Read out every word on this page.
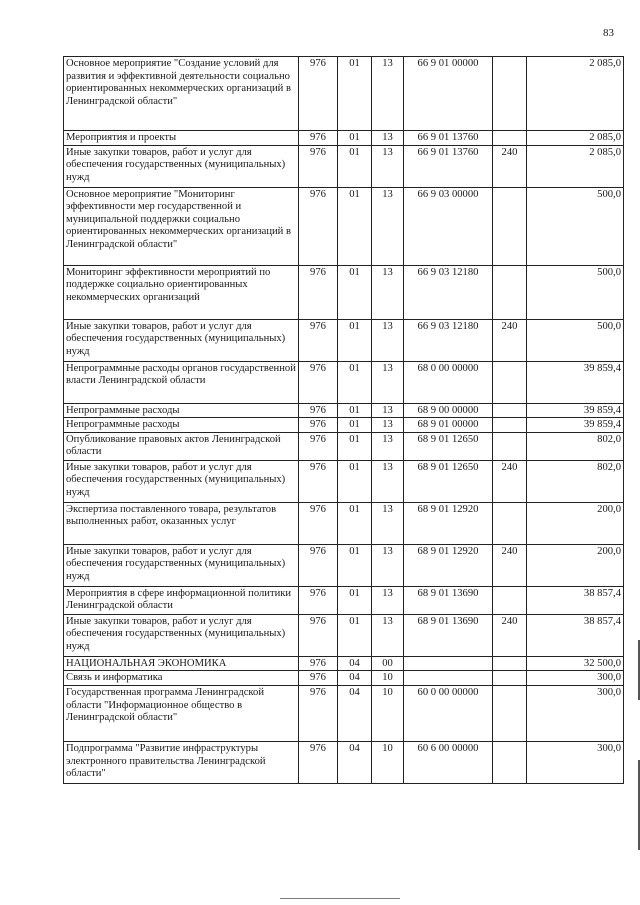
83
Основное мероприятие "Создание условий для развития и эффективной деятельности социально ориентированных некоммерческих организаций в Ленинградской области"	976	01	13	66 9 01 00000		2 085,0
Мероприятия и проекты	976	01	13	66 9 01 13760		2 085,0
Иные закупки товаров, работ и услуг для обеспечения государственных (муниципальных) нужд	976	01	13	66 9 01 13760	240	2 085,0
Основное мероприятие "Мониторинг эффективности мер государственной и муниципальной поддержки социально ориентированных некоммерческих организаций в Ленинградской области"	976	01	13	66 9 03 00000		500,0
Мониторинг эффективности мероприятий по поддержке социально ориентированных некоммерческих организаций	976	01	13	66 9 03 12180		500,0
Иные закупки товаров, работ и услуг для обеспечения государственных (муниципальных) нужд	976	01	13	66 9 03 12180	240	500,0
Непрограммные расходы органов государственной власти Ленинградской области	976	01	13	68 0 00 00000		39 859,4
Непрограммные расходы	976	01	13	68 9 00 00000		39 859,4
Непрограммные расходы	976	01	13	68 9 01 00000		39 859,4
Опубликование правовых актов Ленинградской области	976	01	13	68 9 01 12650		802,0
Иные закупки товаров, работ и услуг для обеспечения государственных (муниципальных) нужд	976	01	13	68 9 01 12650	240	802,0
Экспертиза поставленного товара, результатов выполненных работ, оказанных услуг	976	01	13	68 9 01 12920		200,0
Иные закупки товаров, работ и услуг для обеспечения государственных (муниципальных) нужд	976	01	13	68 9 01 12920	240	200,0
Мероприятия в сфере информационной политики Ленинградской области	976	01	13	68 9 01 13690		38 857,4
Иные закупки товаров, работ и услуг для обеспечения государственных (муниципальных) нужд	976	01	13	68 9 01 13690	240	38 857,4
НАЦИОНАЛЬНАЯ ЭКОНОМИКА	976	04	00			32 500,0
Связь и информатика	976	04	10			300,0
Государственная программа Ленинградской области "Информационное общество в Ленинградской области"	976	04	10	60 0 00 00000		300,0
Подпрограмма "Развитие инфраструктуры электронного правительства Ленинградской области"	976	04	10	60 6 00 00000		300,0
